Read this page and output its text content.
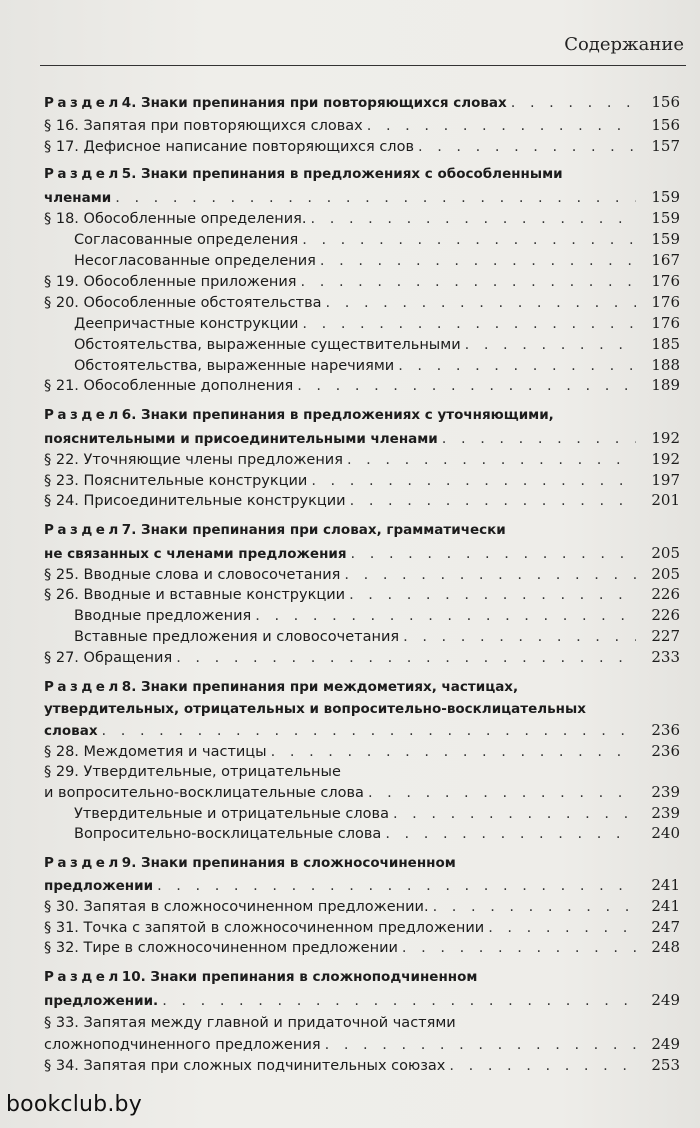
Содержание
Раздел 4. Знаки препинания при повторяющихся словах . . .	156
§ 16. Запятая при повторяющихся словах . . .	156
§ 17. Дефисное написание повторяющихся слов . . .	157
Раздел 5. Знаки препинания в предложениях с обособленными
членами . . .	159
§ 18. Обособленные определения. . . .	159
Согласованные определения . . .	159
Несогласованные определения . . .	167
§ 19. Обособленные приложения . . .	176
§ 20. Обособленные обстоятельства . . .	176
Деепричастные конструкции . . .	176
Обстоятельства, выраженные существительными . . .	185
Обстоятельства, выраженные наречиями . . .	188
§ 21. Обособленные дополнения . . .	189
Раздел 6. Знаки препинания в предложениях с уточняющими,
пояснительными и присоединительными членами . . .	192
§ 22. Уточняющие члены предложения . . .	192
§ 23. Пояснительные конструкции . . .	197
§ 24. Присоединительные конструкции . . .	201
Раздел 7. Знаки препинания при словах, грамматически
не связанных с членами предложения . . .	205
§ 25. Вводные слова и словосочетания . . .	205
§ 26. Вводные и вставные конструкции . . .	226
Вводные предложения . . .	226
Вставные предложения и словосочетания . . .	227
§ 27. Обращения . . .	233
Раздел 8. Знаки препинания при междометиях, частицах,
утвердительных, отрицательных и вопросительно-восклицательных
словах . . .	236
§ 28. Междометия и частицы . . .	236
§ 29. Утвердительные, отрицательные
и вопросительно-восклицательные слова . . .	239
Утвердительные и отрицательные слова . . .	239
Вопросительно-восклицательные слова . . .	240
Раздел 9. Знаки препинания в сложносочиненном
предложении . . .	241
§ 30. Запятая в сложносочиненном предложении. . . .	241
§ 31. Точка с запятой в сложносочиненном предложении . . .	247
§ 32. Тире в сложносочиненном предложении . . .	248
Раздел 10. Знаки препинания в сложноподчиненном
предложении. . . .	249
§ 33. Запятая между главной и придаточной частями
сложноподчиненного предложения . . .	249
§ 34. Запятая при сложных подчинительных союзах . . .	253
bookclub.by
